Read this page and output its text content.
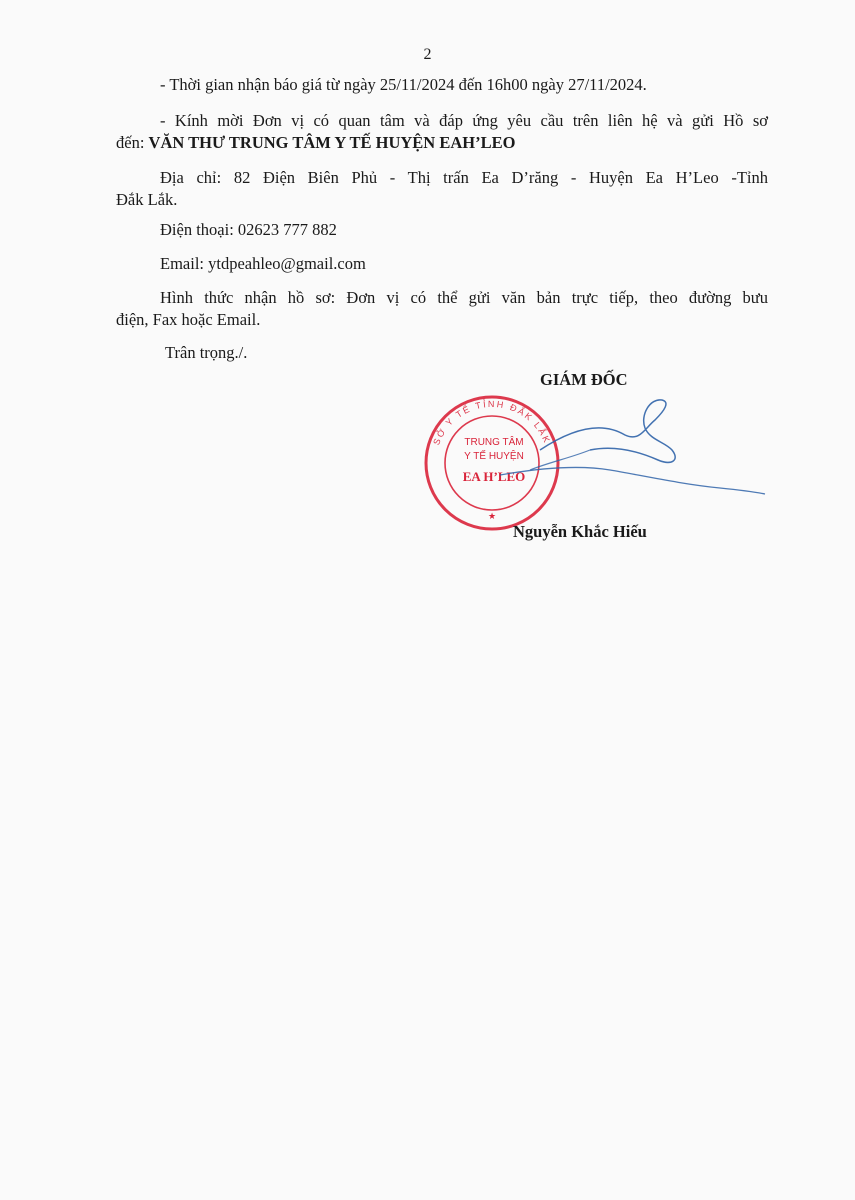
2
- Thời gian nhận báo giá từ ngày 25/11/2024 đến 16h00 ngày 27/11/2024.
- Kính mời Đơn vị có quan tâm và đáp ứng yêu cầu trên liên hệ và gửi Hồ sơ
đến: VĂN THƯ TRUNG TÂM Y TẾ HUYỆN EAH’LEO
Địa chỉ: 82 Điện Biên Phủ - Thị trấn Ea D’răng - Huyện Ea H’Leo -Tỉnh
Đắk Lắk.
Điện thoại: 02623 777 882
Email: ytdpeahleo@gmail.com
Hình thức nhận hồ sơ: Đơn vị có thể gửi văn bản trực tiếp, theo đường bưu
điện, Fax hoặc Email.
Trân trọng./.
GIÁM ĐỐC
SỞ Y TẾ TỈNH ĐẮK LẮK
TRUNG TÂM
Y TẾ HUYỆN
EA H’LEO
★
Nguyễn Khắc Hiếu
